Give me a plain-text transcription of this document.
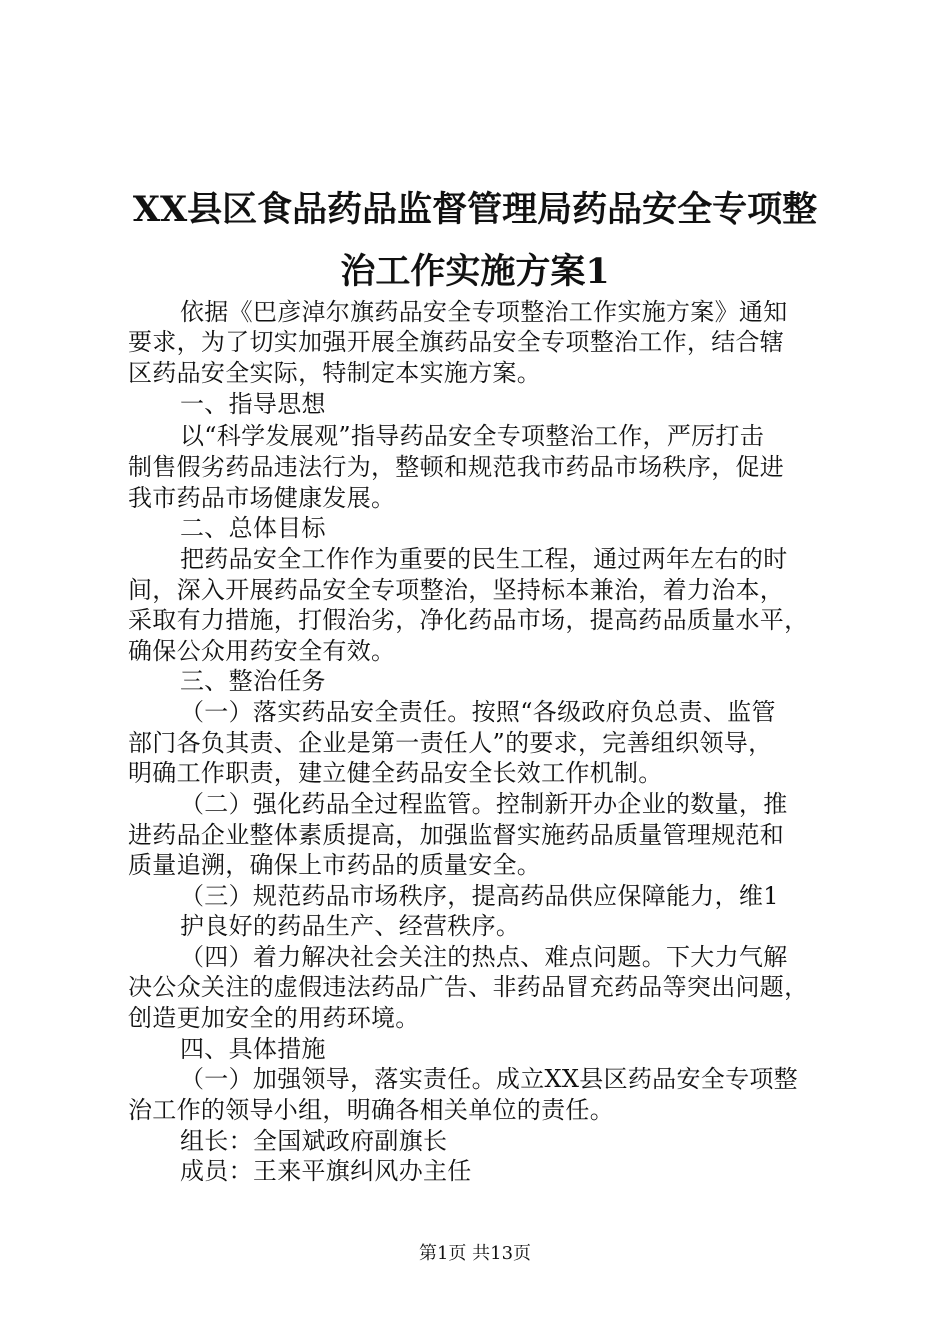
XX县区食品药品监督管理局药品安全专项整
治工作实施方案1
依据《巴彦淖尔旗药品安全专项整治工作实施方案》通知
要求，为了切实加强开展全旗药品安全专项整治工作，结合辖
区药品安全实际，特制定本实施方案。
一、指导思想
以“科学发展观”指导药品安全专项整治工作，严厉打击
制售假劣药品违法行为，整顿和规范我市药品市场秩序，促进
我市药品市场健康发展。
二、总体目标
把药品安全工作作为重要的民生工程，通过两年左右的时
间，深入开展药品安全专项整治，坚持标本兼治，着力治本，
采取有力措施，打假治劣，净化药品市场，提高药品质量水平，
确保公众用药安全有效。
三、整治任务
（一）落实药品安全责任。按照“各级政府负总责、监管
部门各负其责、企业是第一责任人”的要求，完善组织领导，
明确工作职责，建立健全药品安全长效工作机制。
（二）强化药品全过程监管。控制新开办企业的数量，推
进药品企业整体素质提高，加强监督实施药品质量管理规范和
质量追溯，确保上市药品的质量安全。
（三）规范药品市场秩序，提高药品供应保障能力，维1
护良好的药品生产、经营秩序。
（四）着力解决社会关注的热点、难点问题。下大力气解
决公众关注的虚假违法药品广告、非药品冒充药品等突出问题，
创造更加安全的用药环境。
四、具体措施
（一）加强领导，落实责任。成立XX县区药品安全专项整
治工作的领导小组，明确各相关单位的责任。
组长：全国斌政府副旗长
成员：王来平旗纠风办主任
第1页 共13页
